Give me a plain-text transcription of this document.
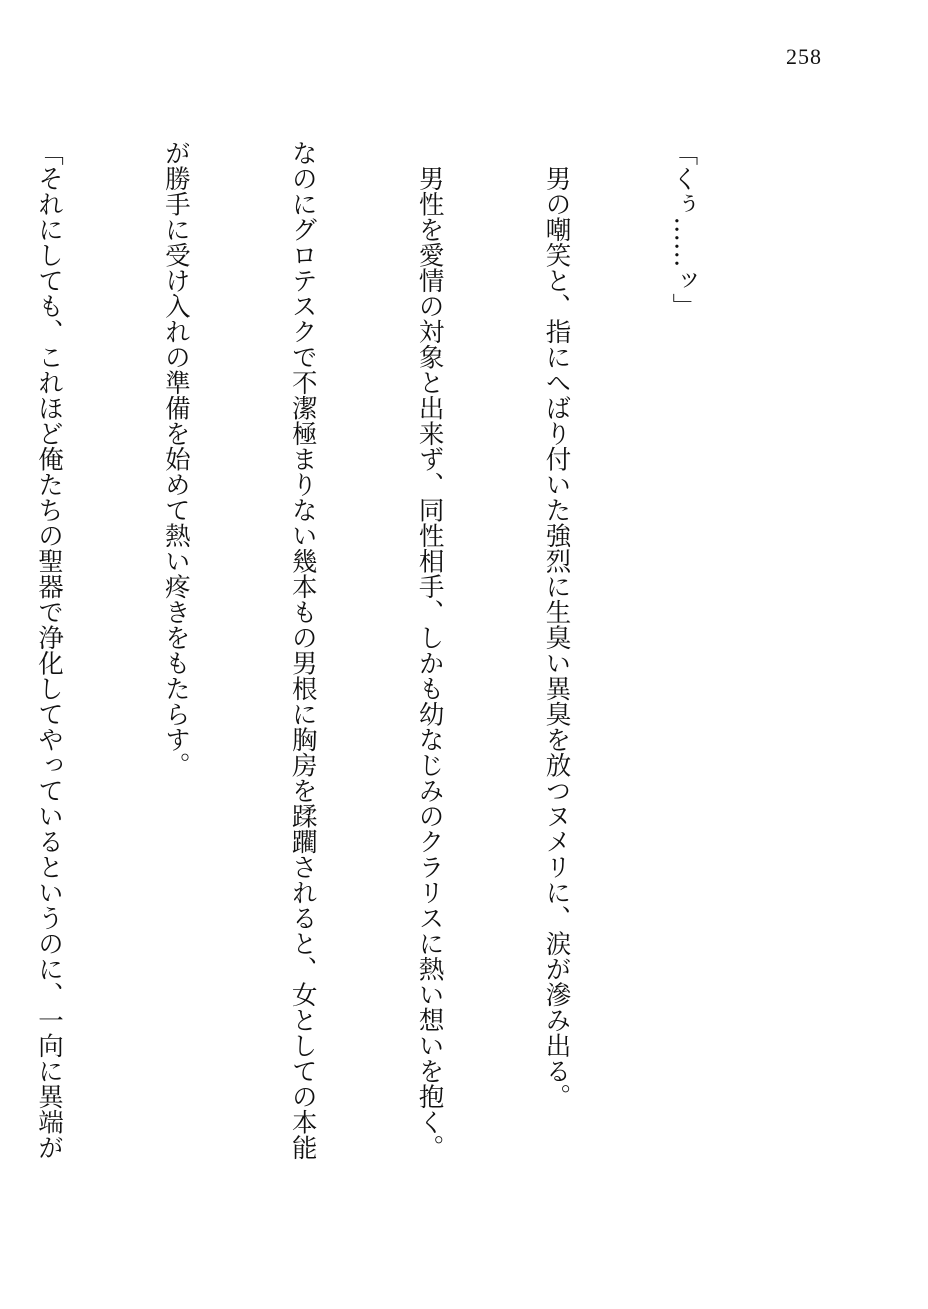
258

「くぅ……ッ」

　男の嘲笑と、指にへばり付いた強烈に生臭い異臭を放つヌメリに、涙が滲み出る。

　男性を愛情の対象と出来ず、同性相手、しかも幼なじみのクラリスに熱い想いを抱く。

なのにグロテスクで不潔極まりない幾本もの男根に胸房を蹂躙されると、女としての本能

が勝手に受け入れの準備を始めて熱い疼きをもたらす。

「それにしても、これほど俺たちの聖器で浄化してやっているというのに、一向に異端が
